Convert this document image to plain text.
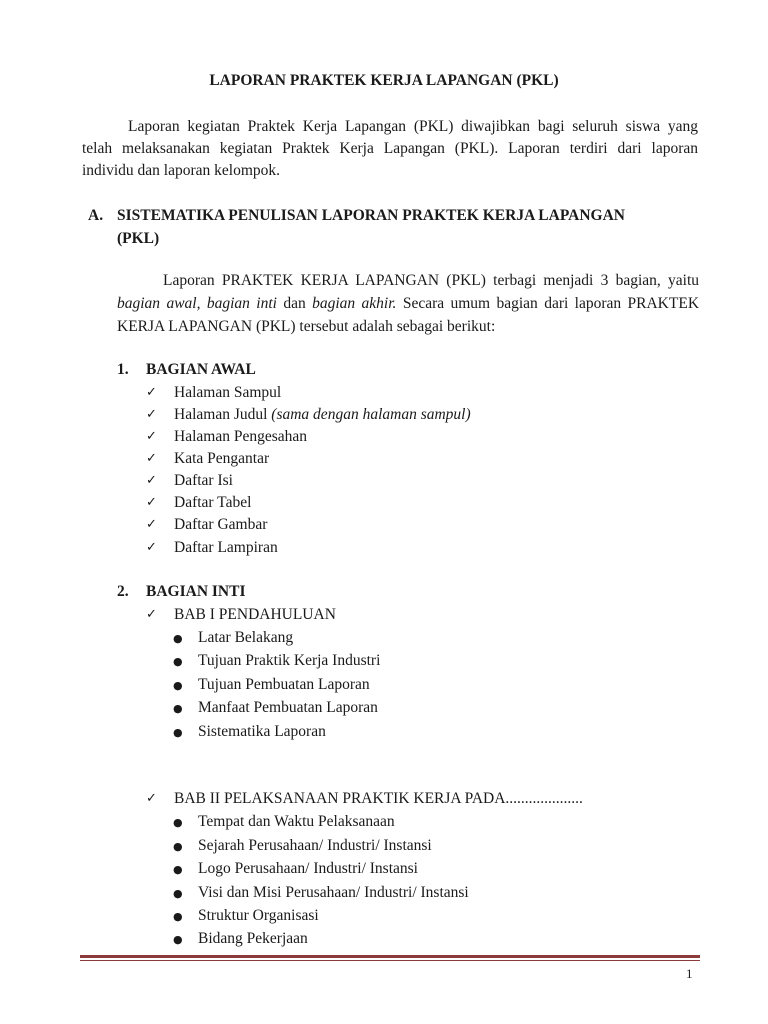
LAPORAN PRAKTEK KERJA LAPANGAN (PKL)
Laporan kegiatan Praktek Kerja Lapangan (PKL) diwajibkan bagi seluruh siswa yang
telah melaksanakan kegiatan Praktek Kerja Lapangan (PKL). Laporan terdiri dari laporan
individu dan laporan kelompok.
A. SISTEMATIKA PENULISAN LAPORAN PRAKTEK KERJA LAPANGAN
(PKL)
Laporan PRAKTEK KERJA LAPANGAN (PKL) terbagi menjadi 3 bagian, yaitu
bagian awal, bagian inti dan bagian akhir. Secara umum bagian dari laporan PRAKTEK
KERJA LAPANGAN (PKL) tersebut adalah sebagai berikut:
1. BAGIAN AWAL
✓ Halaman Sampul
✓ Halaman Judul (sama dengan halaman sampul)
✓ Halaman Pengesahan
✓ Kata Pengantar
✓ Daftar Isi
✓ Daftar Tabel
✓ Daftar Gambar
✓ Daftar Lampiran
2. BAGIAN INTI
✓ BAB I PENDAHULUAN
● Latar Belakang
● Tujuan Praktik Kerja Industri
● Tujuan Pembuatan Laporan
● Manfaat Pembuatan Laporan
● Sistematika Laporan
✓ BAB II PELAKSANAAN PRAKTIK KERJA PADA....................
● Tempat dan Waktu Pelaksanaan
● Sejarah Perusahaan/ Industri/ Instansi
● Logo Perusahaan/ Industri/ Instansi
● Visi dan Misi Perusahaan/ Industri/ Instansi
● Struktur Organisasi
● Bidang Pekerjaan
1
